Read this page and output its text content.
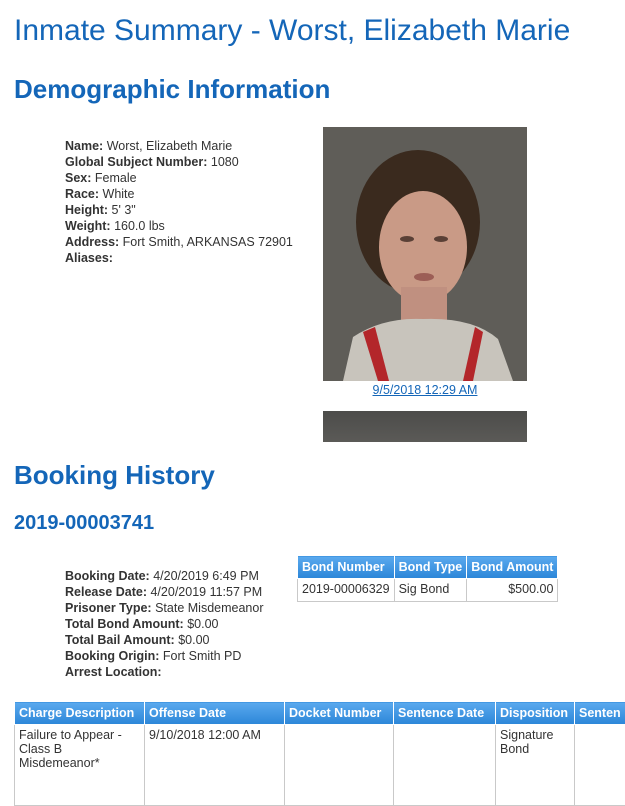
Inmate Summary - Worst, Elizabeth Marie
Demographic Information
Name: Worst, Elizabeth Marie
Global Subject Number: 1080
Sex: Female
Race: White
Height: 5' 3"
Weight: 160.0 lbs
Address: Fort Smith, ARKANSAS 72901
Aliases:
9/5/2018 12:29 AM
Booking History
2019-00003741
Booking Date: 4/20/2019 6:49 PM
Release Date: 4/20/2019 11:57 PM
Prisoner Type: State Misdemeanor
Total Bond Amount: $0.00
Total Bail Amount: $0.00
Booking Origin: Fort Smith PD
Arrest Location:
Bond Number	Bond Type	Bond Amount
2019-00006329	Sig Bond	$500.00
Charge Description	Offense Date	Docket Number	Sentence Date	Disposition	Senten
Failure to Appear - Class B Misdemeanor*	9/10/2018 12:00 AM			Signature Bond	
